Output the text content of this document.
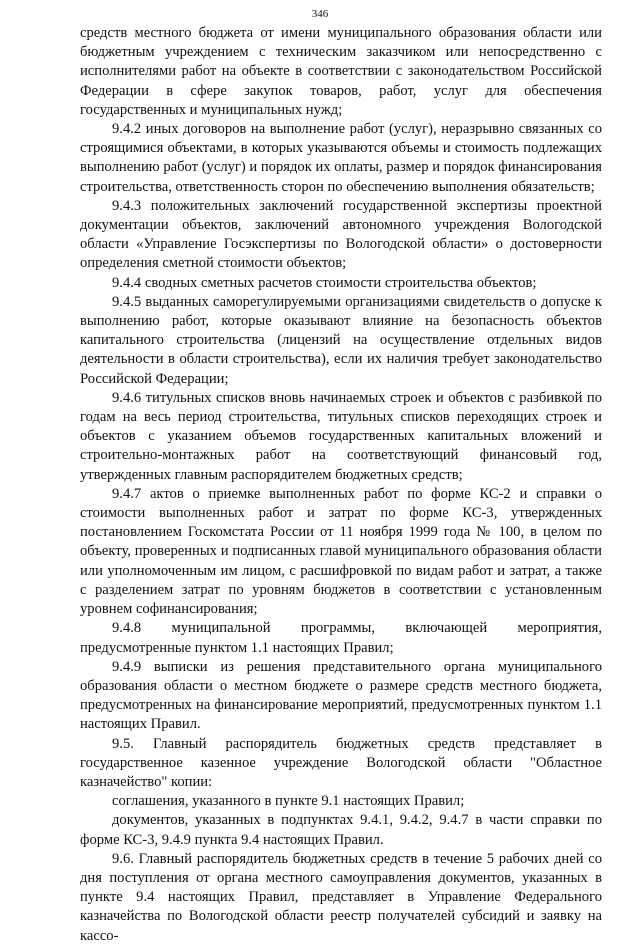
346

средств местного бюджета от имени муниципального образования области или бюджетным учреждением с техническим заказчиком или непосредственно с исполнителями работ на объекте в соответствии с законодательством Российской Федерации в сфере закупок товаров, работ, услуг для обеспечения государственных и муниципальных нужд;

9.4.2 иных договоров на выполнение работ (услуг), неразрывно связанных со строящимися объектами, в которых указываются объемы и стоимость подлежащих выполнению работ (услуг) и порядок их оплаты, размер и порядок финансирования строительства, ответственность сторон по обеспечению выполнения обязательств;

9.4.3 положительных заключений государственной экспертизы проектной документации объектов, заключений автономного учреждения Вологодской области «Управление Госэкспертизы по Вологодской области» о достоверности определения сметной стоимости объектов;

9.4.4 сводных сметных расчетов стоимости строительства объектов;

9.4.5 выданных саморегулируемыми организациями свидетельств о допуске к выполнению работ, которые оказывают влияние на безопасность объектов капитального строительства (лицензий на осуществление отдельных видов деятельности в области строительства), если их наличия требует законодательство Российской Федерации;

9.4.6 титульных списков вновь начинаемых строек и объектов с разбивкой по годам на весь период строительства, титульных списков переходящих строек и объектов с указанием объемов государственных капитальных вложений и строительно-монтажных работ на соответствующий финансовый год, утвержденных главным распорядителем бюджетных средств;

9.4.7 актов о приемке выполненных работ по форме КС-2 и справки о стоимости выполненных работ и затрат по форме КС-3, утвержденных постановлением Госкомстата России от 11 ноября 1999 года № 100, в целом по объекту, проверенных и подписанных главой муниципального образования области или уполномоченным им лицом, с расшифровкой по видам работ и затрат, а также с разделением затрат по уровням бюджетов в соответствии с установленным уровнем софинансирования;

9.4.8 муниципальной программы, включающей мероприятия, предусмотренные пунктом 1.1 настоящих Правил;

9.4.9 выписки из решения представительного органа муниципального образования области о местном бюджете о размере средств местного бюджета, предусмотренных на финансирование мероприятий, предусмотренных пунктом 1.1 настоящих Правил.

9.5. Главный распорядитель бюджетных средств представляет в государственное казенное учреждение Вологодской области "Областное казначейство" копии:

соглашения, указанного в пункте 9.1 настоящих Правил;

документов, указанных в подпунктах 9.4.1, 9.4.2, 9.4.7 в части справки по форме КС-3, 9.4.9 пункта 9.4 настоящих Правил.

9.6. Главный распорядитель бюджетных средств в течение 5 рабочих дней со дня поступления от органа местного самоуправления документов, указанных в пункте 9.4 настоящих Правил, представляет в Управление Федерального казначейства по Вологодской области реестр получателей субсидий и заявку на кассо-
